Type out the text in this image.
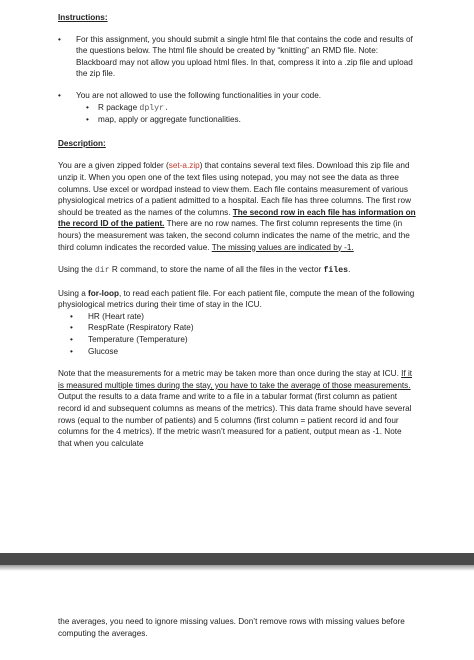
Instructions:

• For this assignment, you should submit a single html file that contains the code and results of the questions below. The html file should be created by “knitting” an RMD file. Note: Blackboard may not allow you upload html files. In that, compress it into a .zip file and upload the zip file.
• You are not allowed to use the following functionalities in your code.
• R package dplyr.
• map, apply or aggregate functionalities.

Description:

You are a given zipped folder (set-a.zip) that contains several text files. Download this zip file and unzip it. When you open one of the text files using notepad, you may not see the data as three columns. Use excel or wordpad instead to view them. Each file contains measurement of various physiological metrics of a patient admitted to a hospital. Each file has three columns. The first row should be treated as the names of the columns. The second row in each file has information on the record ID of the patient. There are no row names. The first column represents the time (in hours) the measurement was taken, the second column indicates the name of the metric, and the third column indicates the recorded value. The missing values are indicated by -1.

Using the dir R command, to store the name of all the files in the vector files.

Using a for-loop, to read each patient file. For each patient file, compute the mean of the following physiological metrics during their time of stay in the ICU.

• HR (Heart rate)
• RespRate (Respiratory Rate)
• Temperature (Temperature)
• Glucose

Note that the measurements for a metric may be taken more than once during the stay at ICU. If it is measured multiple times during the stay, you have to take the average of those measurements. Output the results to a data frame and write to a file in a tabular format (first column as patient record id and subsequent columns as means of the metrics). This data frame should have several rows (equal to the number of patients) and 5 columns (first column = patient record id and four columns for the 4 metrics). If the metric wasn’t measured for a patient, output mean as -1. Note that when you calculate

the averages, you need to ignore missing values. Don’t remove rows with missing values before computing the averages.
